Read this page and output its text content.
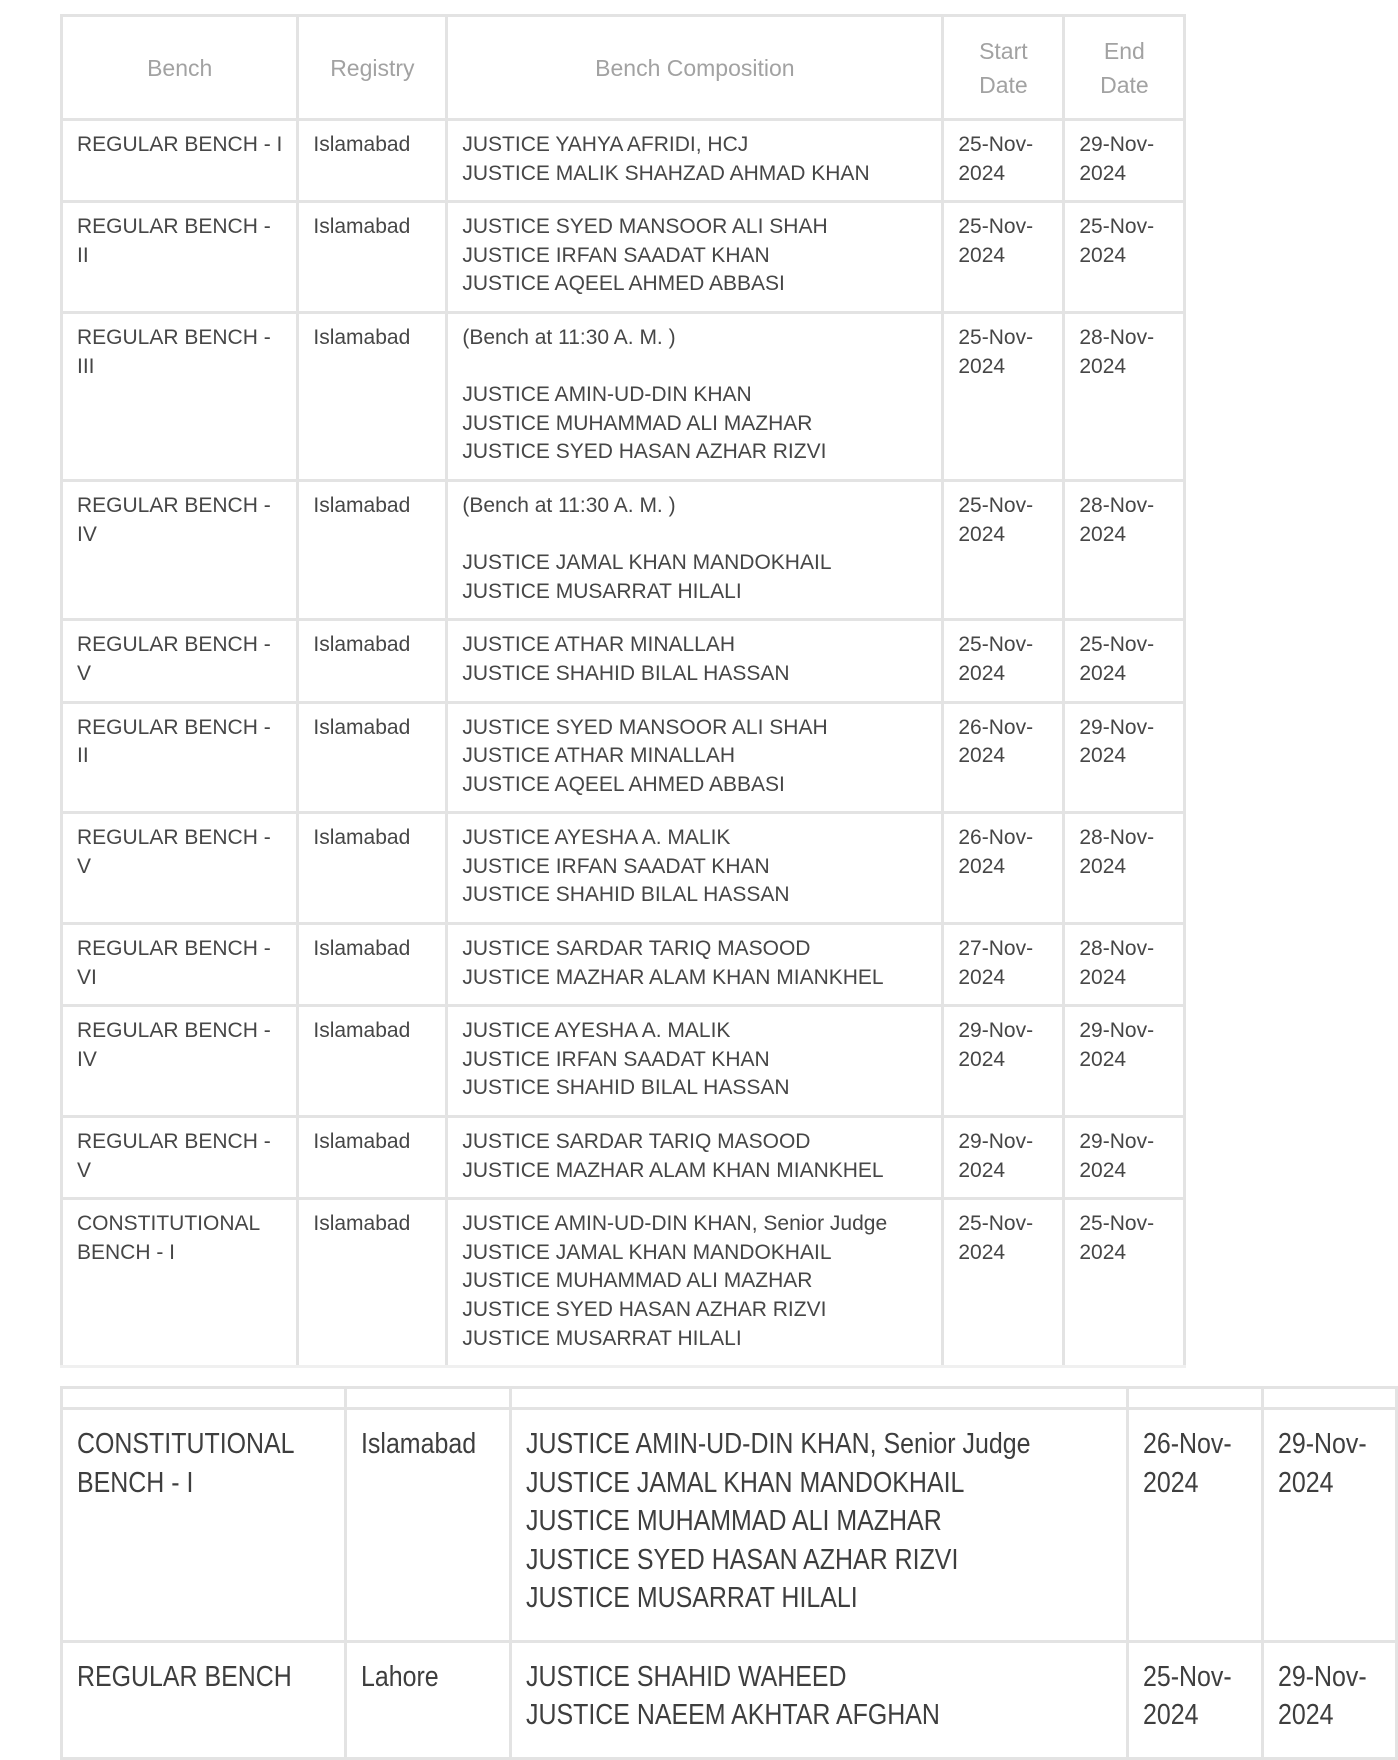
Bench	Registry	Bench Composition	Start
Date	End
Date

REGULAR BENCH - I	Islamabad	JUSTICE YAHYA AFRIDI, HCJ
JUSTICE MALIK SHAHZAD AHMAD KHAN	25-Nov-
2024	29-Nov-
2024

REGULAR BENCH -
II	Islamabad	JUSTICE SYED MANSOOR ALI SHAH
JUSTICE IRFAN SAADAT KHAN
JUSTICE AQEEL AHMED ABBASI	25-Nov-
2024	25-Nov-
2024

REGULAR BENCH -
III	Islamabad	(Bench at 11:30 A. M. )
JUSTICE AMIN-UD-DIN KHAN
JUSTICE MUHAMMAD ALI MAZHAR
JUSTICE SYED HASAN AZHAR RIZVI	25-Nov-
2024	28-Nov-
2024

REGULAR BENCH -
IV	Islamabad	(Bench at 11:30 A. M. )
JUSTICE JAMAL KHAN MANDOKHAIL
JUSTICE MUSARRAT HILALI	25-Nov-
2024	28-Nov-
2024

REGULAR BENCH -
V	Islamabad	JUSTICE ATHAR MINALLAH
JUSTICE SHAHID BILAL HASSAN	25-Nov-
2024	25-Nov-
2024

REGULAR BENCH -
II	Islamabad	JUSTICE SYED MANSOOR ALI SHAH
JUSTICE ATHAR MINALLAH
JUSTICE AQEEL AHMED ABBASI	26-Nov-
2024	29-Nov-
2024

REGULAR BENCH -
V	Islamabad	JUSTICE AYESHA A. MALIK
JUSTICE IRFAN SAADAT KHAN
JUSTICE SHAHID BILAL HASSAN	26-Nov-
2024	28-Nov-
2024

REGULAR BENCH -
VI	Islamabad	JUSTICE SARDAR TARIQ MASOOD
JUSTICE MAZHAR ALAM KHAN MIANKHEL	27-Nov-
2024	28-Nov-
2024

REGULAR BENCH -
IV	Islamabad	JUSTICE AYESHA A. MALIK
JUSTICE IRFAN SAADAT KHAN
JUSTICE SHAHID BILAL HASSAN	29-Nov-
2024	29-Nov-
2024

REGULAR BENCH -
V	Islamabad	JUSTICE SARDAR TARIQ MASOOD
JUSTICE MAZHAR ALAM KHAN MIANKHEL	29-Nov-
2024	29-Nov-
2024

CONSTITUTIONAL
BENCH - I	Islamabad	JUSTICE AMIN-UD-DIN KHAN, Senior Judge
JUSTICE JAMAL KHAN MANDOKHAIL
JUSTICE MUHAMMAD ALI MAZHAR
JUSTICE SYED HASAN AZHAR RIZVI
JUSTICE MUSARRAT HILALI	25-Nov-
2024	25-Nov-
2024

CONSTITUTIONAL
BENCH - I	Islamabad	JUSTICE AMIN-UD-DIN KHAN, Senior Judge
JUSTICE JAMAL KHAN MANDOKHAIL
JUSTICE MUHAMMAD ALI MAZHAR
JUSTICE SYED HASAN AZHAR RIZVI
JUSTICE MUSARRAT HILALI	26-Nov-
2024	29-Nov-
2024

REGULAR BENCH	Lahore	JUSTICE SHAHID WAHEED
JUSTICE NAEEM AKHTAR AFGHAN	25-Nov-
2024	29-Nov-
2024
